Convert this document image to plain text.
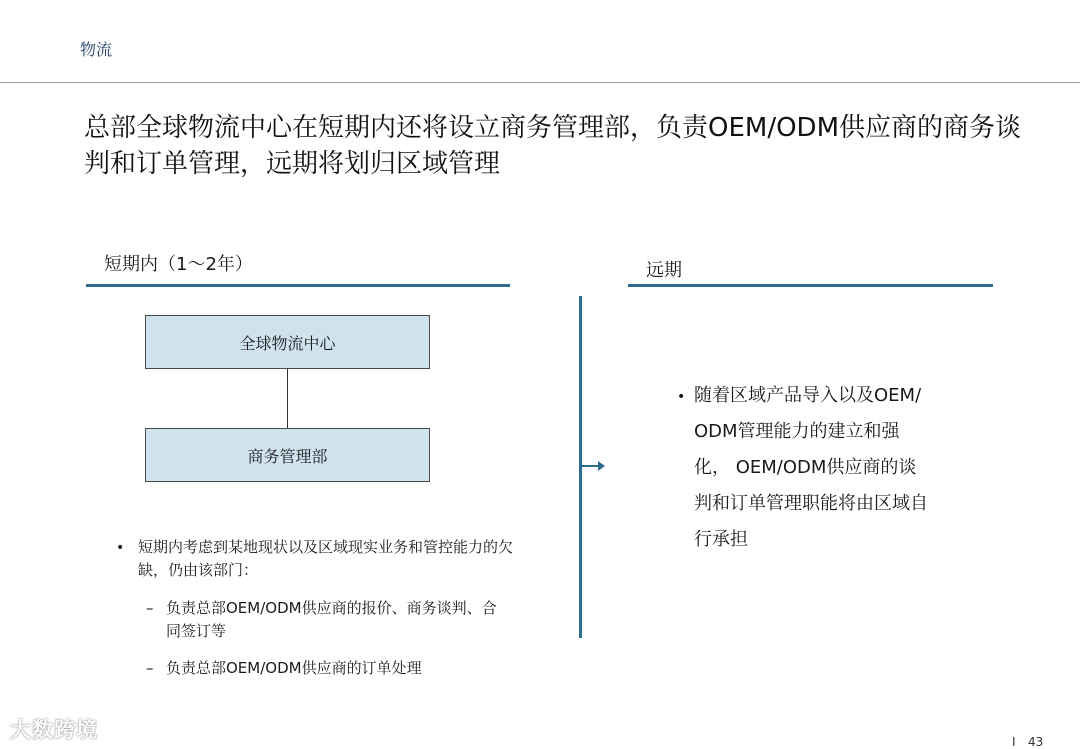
物流
总部全球物流中心在短期内还将设立商务管理部，负责OEM/ODM供应商的商务谈判和订单管理，远期将划归区域管理
短期内（1～2年）	远期
全球物流中心
商务管理部
• 短期内考虑到某地现状以及区域现实业务和管控能力的欠缺，仍由该部门：
– 负责总部OEM/ODM供应商的报价、商务谈判、合同签订等
– 负责总部OEM/ODM供应商的订单处理
• 随着区域产品导入以及OEM/ ODM管理能力的建立和强化， OEM/ODM供应商的谈判和订单管理职能将由区域自行承担
大数跨境	I 43
